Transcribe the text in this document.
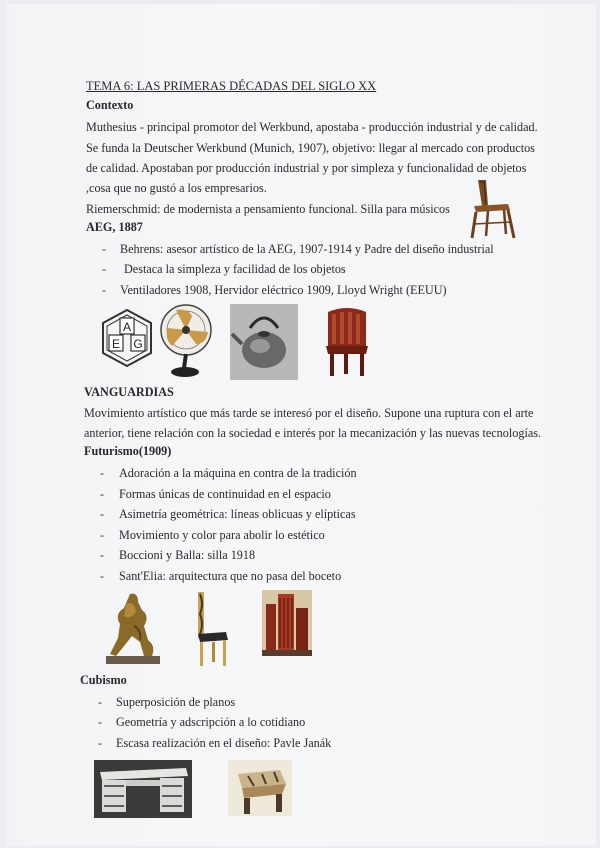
TEMA 6: LAS PRIMERAS DÉCADAS DEL SIGLO XX
Contexto
Muthesius - principal promotor del Werkbund, apostaba - producción industrial y de calidad.
Se funda la Deutscher Werkbund (Munich, 1907), objetivo: llegar al mercado con productos
de calidad. Apostaban por producción industrial y por simpleza y funcionalidad de objetos
,cosa que no gustó a los empresarios.
Riemerschmid: de modernista a pensamiento funcional. Silla para músicos
AEG, 1887
- Behrens: asesor artístico de la AEG, 1907-1914 y Padre del diseño industrial
- Destaca la simpleza y facilidad de los objetos
- Ventiladores 1908, Hervidor eléctrico 1909, Lloyd Wright (EEUU)
A
E G
VANGUARDIAS
Movimiento artístico que más tarde se interesó por el diseño. Supone una ruptura con el arte
anterior, tiene relación con la sociedad e interés por la mecanización y las nuevas tecnologías.
Futurismo(1909)
- Adoración a la máquina en contra de la tradición
- Formas únicas de continuidad en el espacio
- Asimetría geométrica: líneas oblicuas y elípticas
- Movimiento y color para abolir lo estético
- Boccioni y Balla: silla 1918
- Sant'Elia: arquitectura que no pasa del boceto
Cubismo
- Superposición de planos
- Geometría y adscripción a lo cotidiano
- Escasa realización en el diseño: Pavle Janák
